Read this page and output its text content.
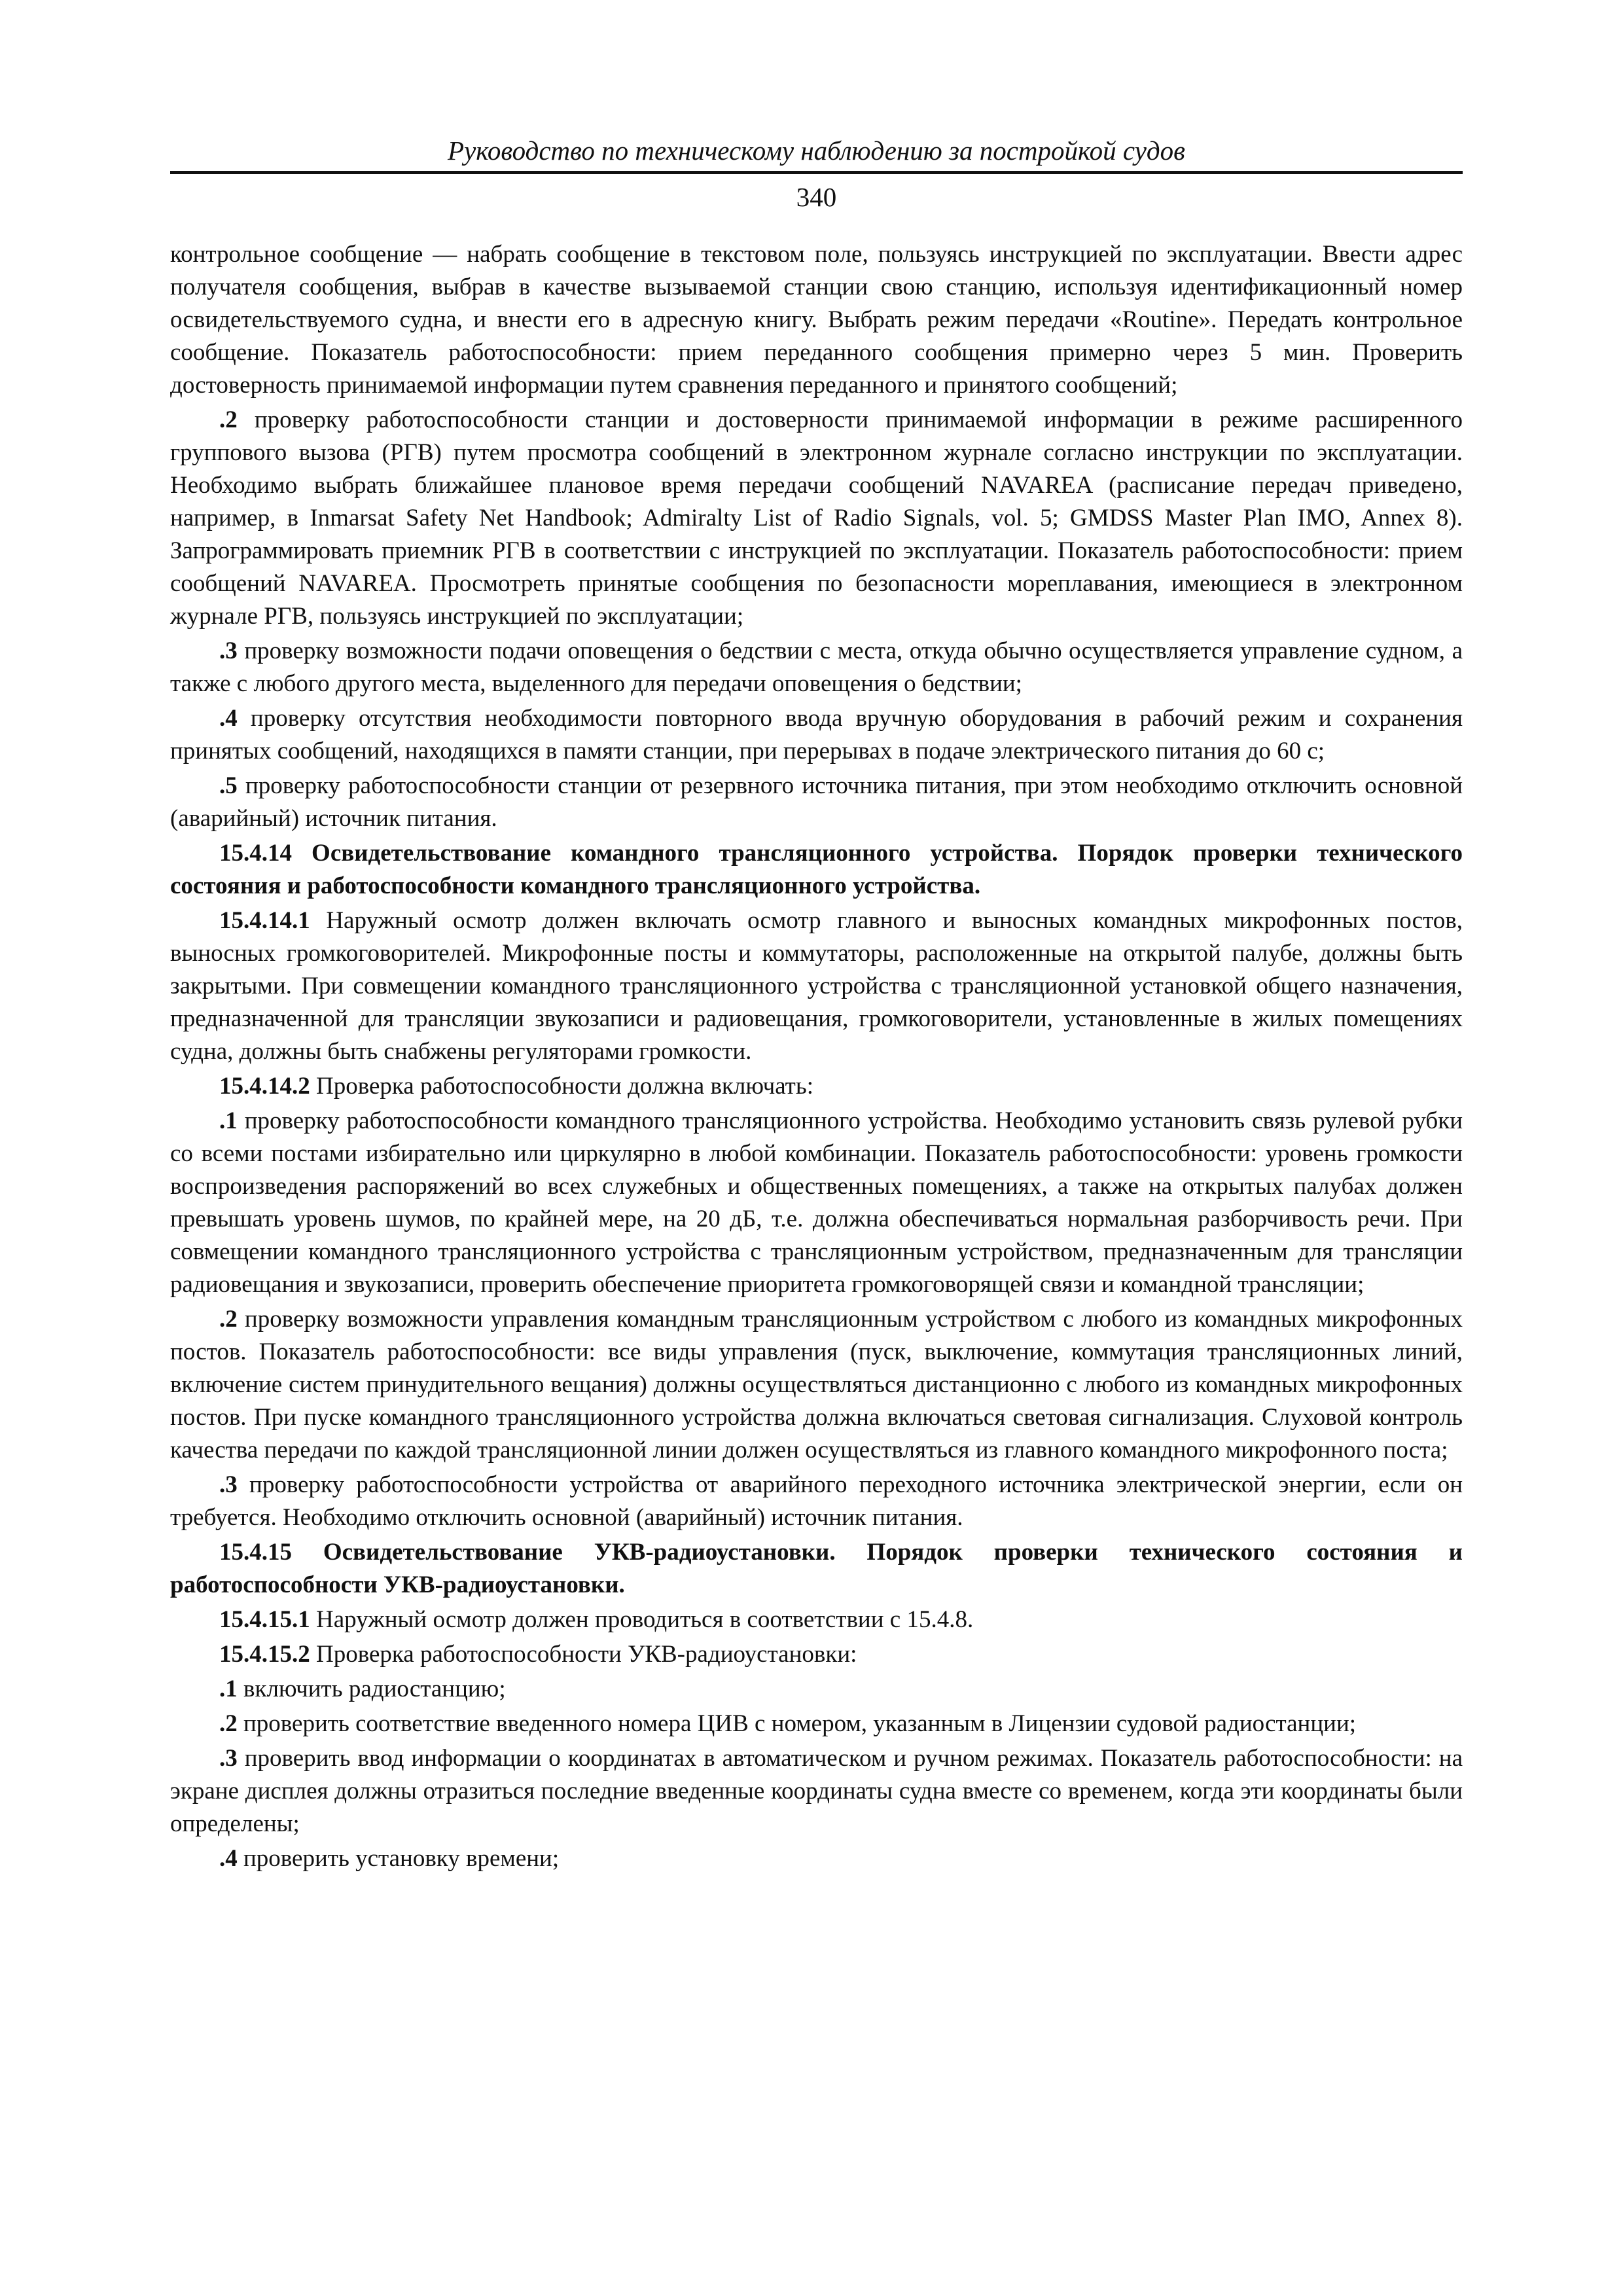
Руководство по техническому наблюдению за постройкой судов
340

контрольное сообщение — набрать сообщение в текстовом поле, пользуясь инструкцией по эксплуатации. Ввести адрес получателя сообщения, выбрав в качестве вызываемой станции свою станцию, используя идентификационный номер освидетельствуемого судна, и внести его в адресную книгу. Выбрать режим передачи «Routine». Передать контрольное сообщение. Показатель работоспособности: прием переданного сообщения примерно через 5 мин. Проверить достоверность принимаемой информации путем сравнения переданного и принятого сообщений;

.2 проверку работоспособности станции и достоверности принимаемой информации в режиме расширенного группового вызова (РГВ) путем просмотра сообщений в электронном журнале согласно инструкции по эксплуатации. Необходимо выбрать ближайшее плановое время передачи сообщений NAVAREA (расписание передач приведено, например, в Inmarsat Safety Net Handbook; Admiralty List of Radio Signals, vol. 5; GMDSS Master Plan IMO, Annex 8). Запрограммировать приемник РГВ в соответствии с инструкцией по эксплуатации. Показатель работоспособности: прием сообщений NAVAREA. Просмотреть принятые сообщения по безопасности мореплавания, имеющиеся в электронном журнале РГВ, пользуясь инструкцией по эксплуатации;

.3 проверку возможности подачи оповещения о бедствии с места, откуда обычно осуществляется управление судном, а также с любого другого места, выделенного для передачи оповещения о бедствии;

.4 проверку отсутствия необходимости повторного ввода вручную оборудования в рабочий режим и сохранения принятых сообщений, находящихся в памяти станции, при перерывах в подаче электрического питания до 60 с;

.5 проверку работоспособности станции от резервного источника питания, при этом необходимо отключить основной (аварийный) источник питания.

15.4.14 Освидетельствование командного трансляционного устройства. Порядок проверки технического состояния и работоспособности командного трансляционного устройства.

15.4.14.1 Наружный осмотр должен включать осмотр главного и выносных командных микрофонных постов, выносных громкоговорителей. Микрофонные посты и коммутаторы, расположенные на открытой палубе, должны быть закрытыми. При совмещении командного трансляционного устройства с трансляционной установкой общего назначения, предназначенной для трансляции звукозаписи и радиовещания, громкоговорители, установленные в жилых помещениях судна, должны быть снабжены регуляторами громкости.

15.4.14.2 Проверка работоспособности должна включать:

.1 проверку работоспособности командного трансляционного устройства. Необходимо установить связь рулевой рубки со всеми постами избирательно или циркулярно в любой комбинации. Показатель работоспособности: уровень громкости воспроизведения распоряжений во всех служебных и общественных помещениях, а также на открытых палубах должен превышать уровень шумов, по крайней мере, на 20 дБ, т.е. должна обеспечиваться нормальная разборчивость речи. При совмещении командного трансляционного устройства с трансляционным устройством, предназначенным для трансляции радиовещания и звукозаписи, проверить обеспечение приоритета громкоговорящей связи и командной трансляции;

.2 проверку возможности управления командным трансляционным устройством с любого из командных микрофонных постов. Показатель работоспособности: все виды управления (пуск, выключение, коммутация трансляционных линий, включение систем принудительного вещания) должны осуществляться дистанционно с любого из командных микрофонных постов. При пуске командного трансляционного устройства должна включаться световая сигнализация. Слуховой контроль качества передачи по каждой трансляционной линии должен осуществляться из главного командного микрофонного поста;

.3 проверку работоспособности устройства от аварийного переходного источника электрической энергии, если он требуется. Необходимо отключить основной (аварийный) источник питания.

15.4.15 Освидетельствование УКВ-радиоустановки. Порядок проверки технического состояния и работоспособности УКВ-радиоустановки.

15.4.15.1 Наружный осмотр должен проводиться в соответствии с 15.4.8.

15.4.15.2 Проверка работоспособности УКВ-радиоустановки:

.1 включить радиостанцию;

.2 проверить соответствие введенного номера ЦИВ с номером, указанным в Лицензии судовой радиостанции;

.3 проверить ввод информации о координатах в автоматическом и ручном режимах. Показатель работоспособности: на экране дисплея должны отразиться последние введенные координаты судна вместе со временем, когда эти координаты были определены;

.4 проверить установку времени;
